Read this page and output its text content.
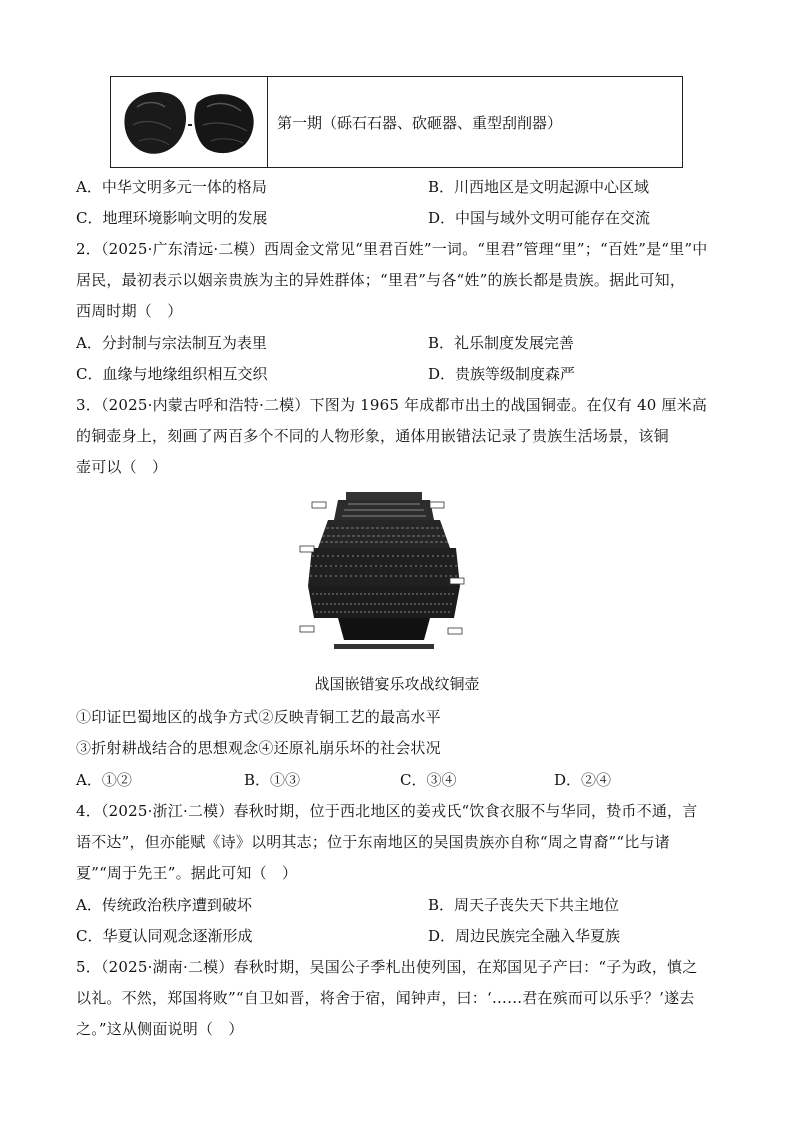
第一期（砾石石器、砍砸器、重型刮削器）
A．中华文明多元一体的格局	B．川西地区是文明起源中心区域
C．地理环境影响文明的发展	D．中国与域外文明可能存在交流
2．（2025·广东清远·二模）西周金文常见“里君百姓”一词。“里君”管理“里”；“百姓”是“里”中
居民，最初表示以姻亲贵族为主的异姓群体；“里君”与各“姓”的族长都是贵族。据此可知，
西周时期（　）
A．分封制与宗法制互为表里	B．礼乐制度发展完善
C．血缘与地缘组织相互交织	D．贵族等级制度森严
3．（2025·内蒙古呼和浩特·二模）下图为 1965 年成都市出土的战国铜壶。在仅有 40 厘米高
的铜壶身上，刻画了两百多个不同的人物形象，通体用嵌错法记录了贵族生活场景，该铜
壶可以（　）
战国嵌错宴乐攻战纹铜壶
①印证巴蜀地区的战争方式②反映青铜工艺的最高水平
③折射耕战结合的思想观念④还原礼崩乐坏的社会状况
A．①②	B．①③	C．③④	D．②④
4．（2025·浙江·二模）春秋时期，位于西北地区的姜戎氏“饮食衣服不与华同，贽币不通，言
语不达”，但亦能赋《诗》以明其志；位于东南地区的吴国贵族亦自称“周之胄裔”“比与诸
夏”“周于先王”。据此可知（　）
A．传统政治秩序遭到破坏	B．周天子丧失天下共主地位
C．华夏认同观念逐渐形成	D．周边民族完全融入华夏族
5．（2025·湖南·二模）春秋时期，吴国公子季札出使列国，在郑国见子产曰：“子为政，慎之
以礼。不然，郑国将败”“自卫如晋，将舍于宿，闻钟声，曰：‘……君在殡而可以乐乎？’遂去
之。”这从侧面说明（　）
